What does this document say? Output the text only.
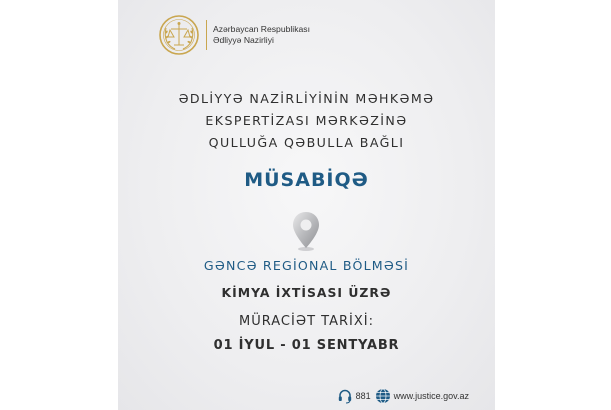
Azərbaycan Respublikası
Ədliyyə Nazirliyi
ƏDLİYYƏ NAZİRLİYİNİN MƏHKƏMƏ
EKSPERTİZASI MƏRKƏZİNƏ
QULLUĞA QƏBULLA BAĞLI
MÜSABİQƏ
GƏNCƏ REGİONAL BÖLMƏSİ
KİMYA İXTİSASI ÜZRƏ
MÜRACİƏT TARİXİ:
01 İYUL - 01 SENTYABR
881	www.justice.gov.az
